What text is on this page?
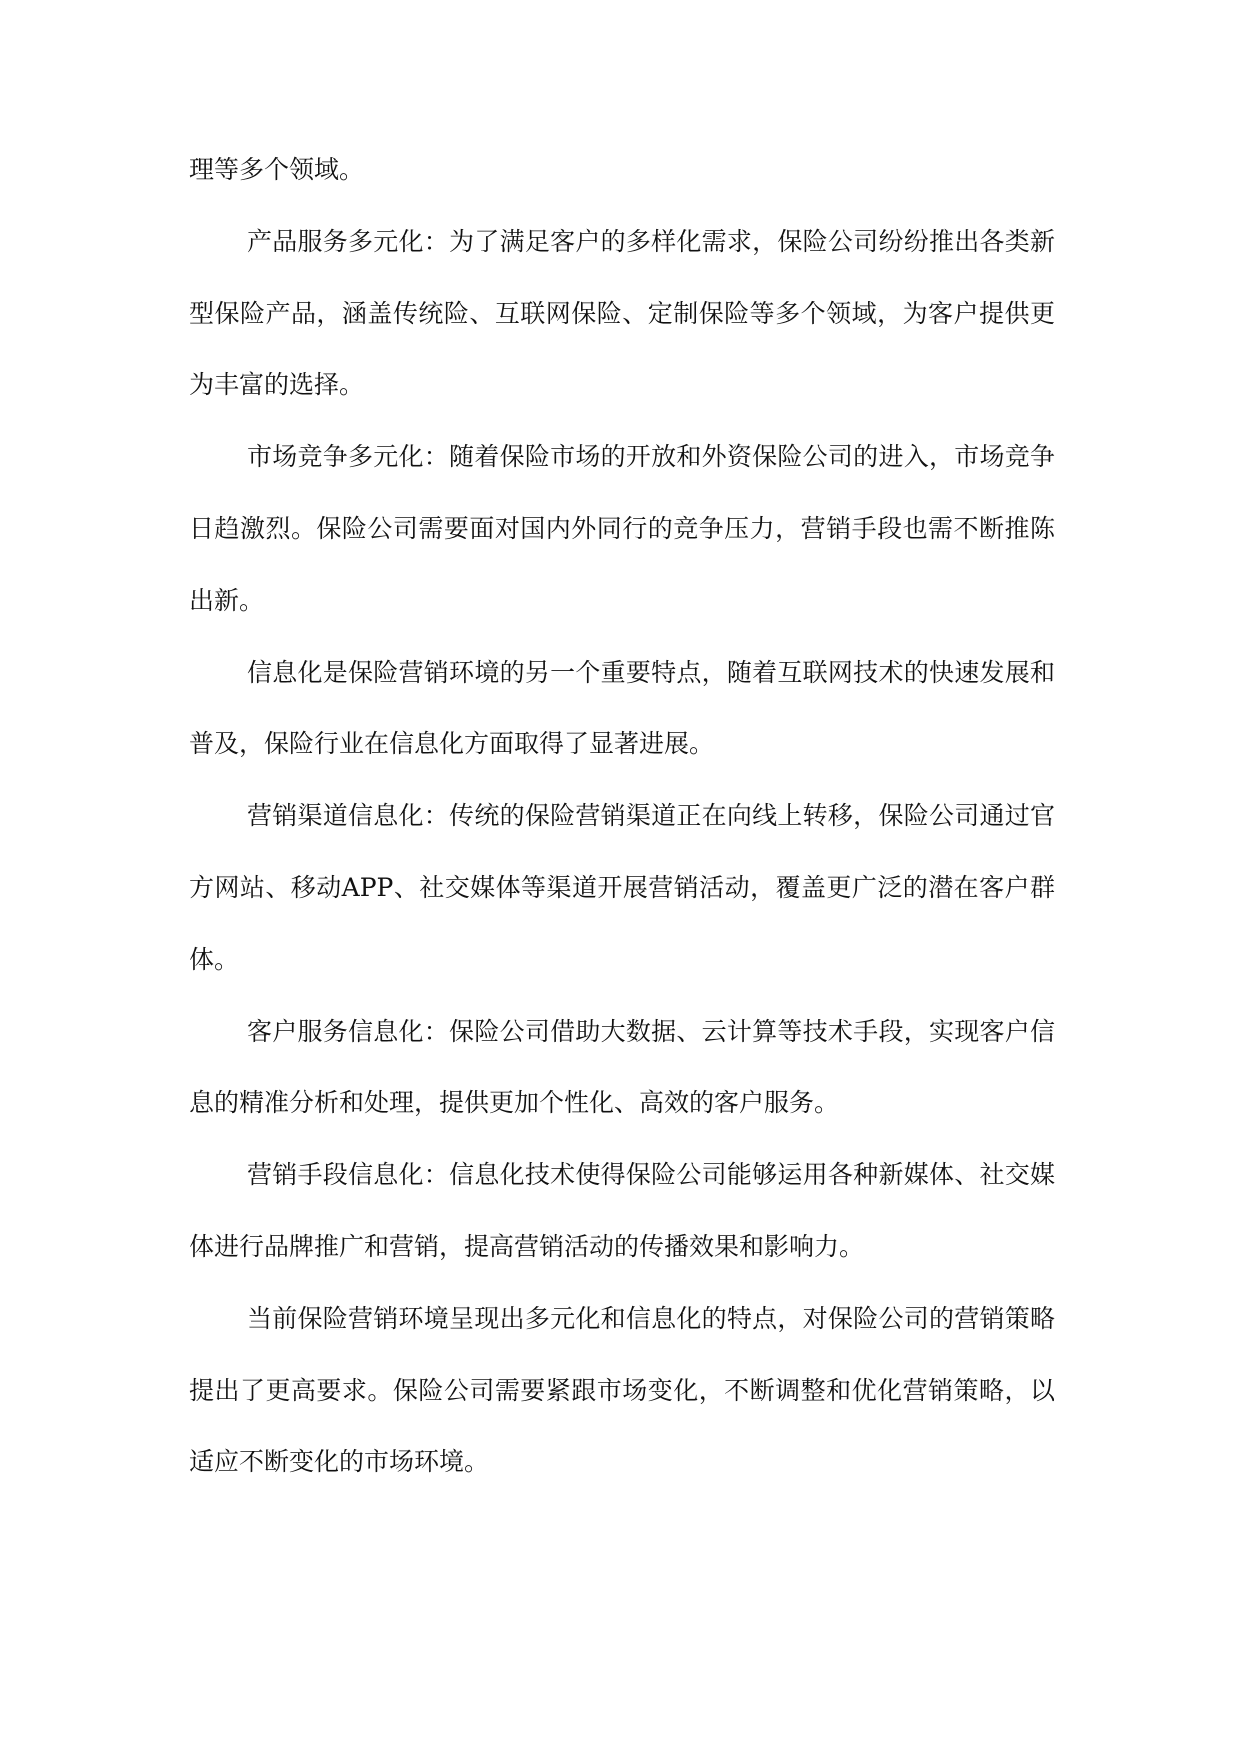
理等多个领域。

产品服务多元化：为了满足客户的多样化需求，保险公司纷纷推出各类新型保险产品，涵盖传统险、互联网保险、定制保险等多个领域，为客户提供更为丰富的选择。

市场竞争多元化：随着保险市场的开放和外资保险公司的进入，市场竞争日趋激烈。保险公司需要面对国内外同行的竞争压力，营销手段也需不断推陈出新。

信息化是保险营销环境的另一个重要特点，随着互联网技术的快速发展和普及，保险行业在信息化方面取得了显著进展。

营销渠道信息化：传统的保险营销渠道正在向线上转移，保险公司通过官方网站、移动APP、社交媒体等渠道开展营销活动，覆盖更广泛的潜在客户群体。

客户服务信息化：保险公司借助大数据、云计算等技术手段，实现客户信息的精准分析和处理，提供更加个性化、高效的客户服务。

营销手段信息化：信息化技术使得保险公司能够运用各种新媒体、社交媒体进行品牌推广和营销，提高营销活动的传播效果和影响力。

当前保险营销环境呈现出多元化和信息化的特点，对保险公司的营销策略提出了更高要求。保险公司需要紧跟市场变化，不断调整和优化营销策略，以适应不断变化的市场环境。
